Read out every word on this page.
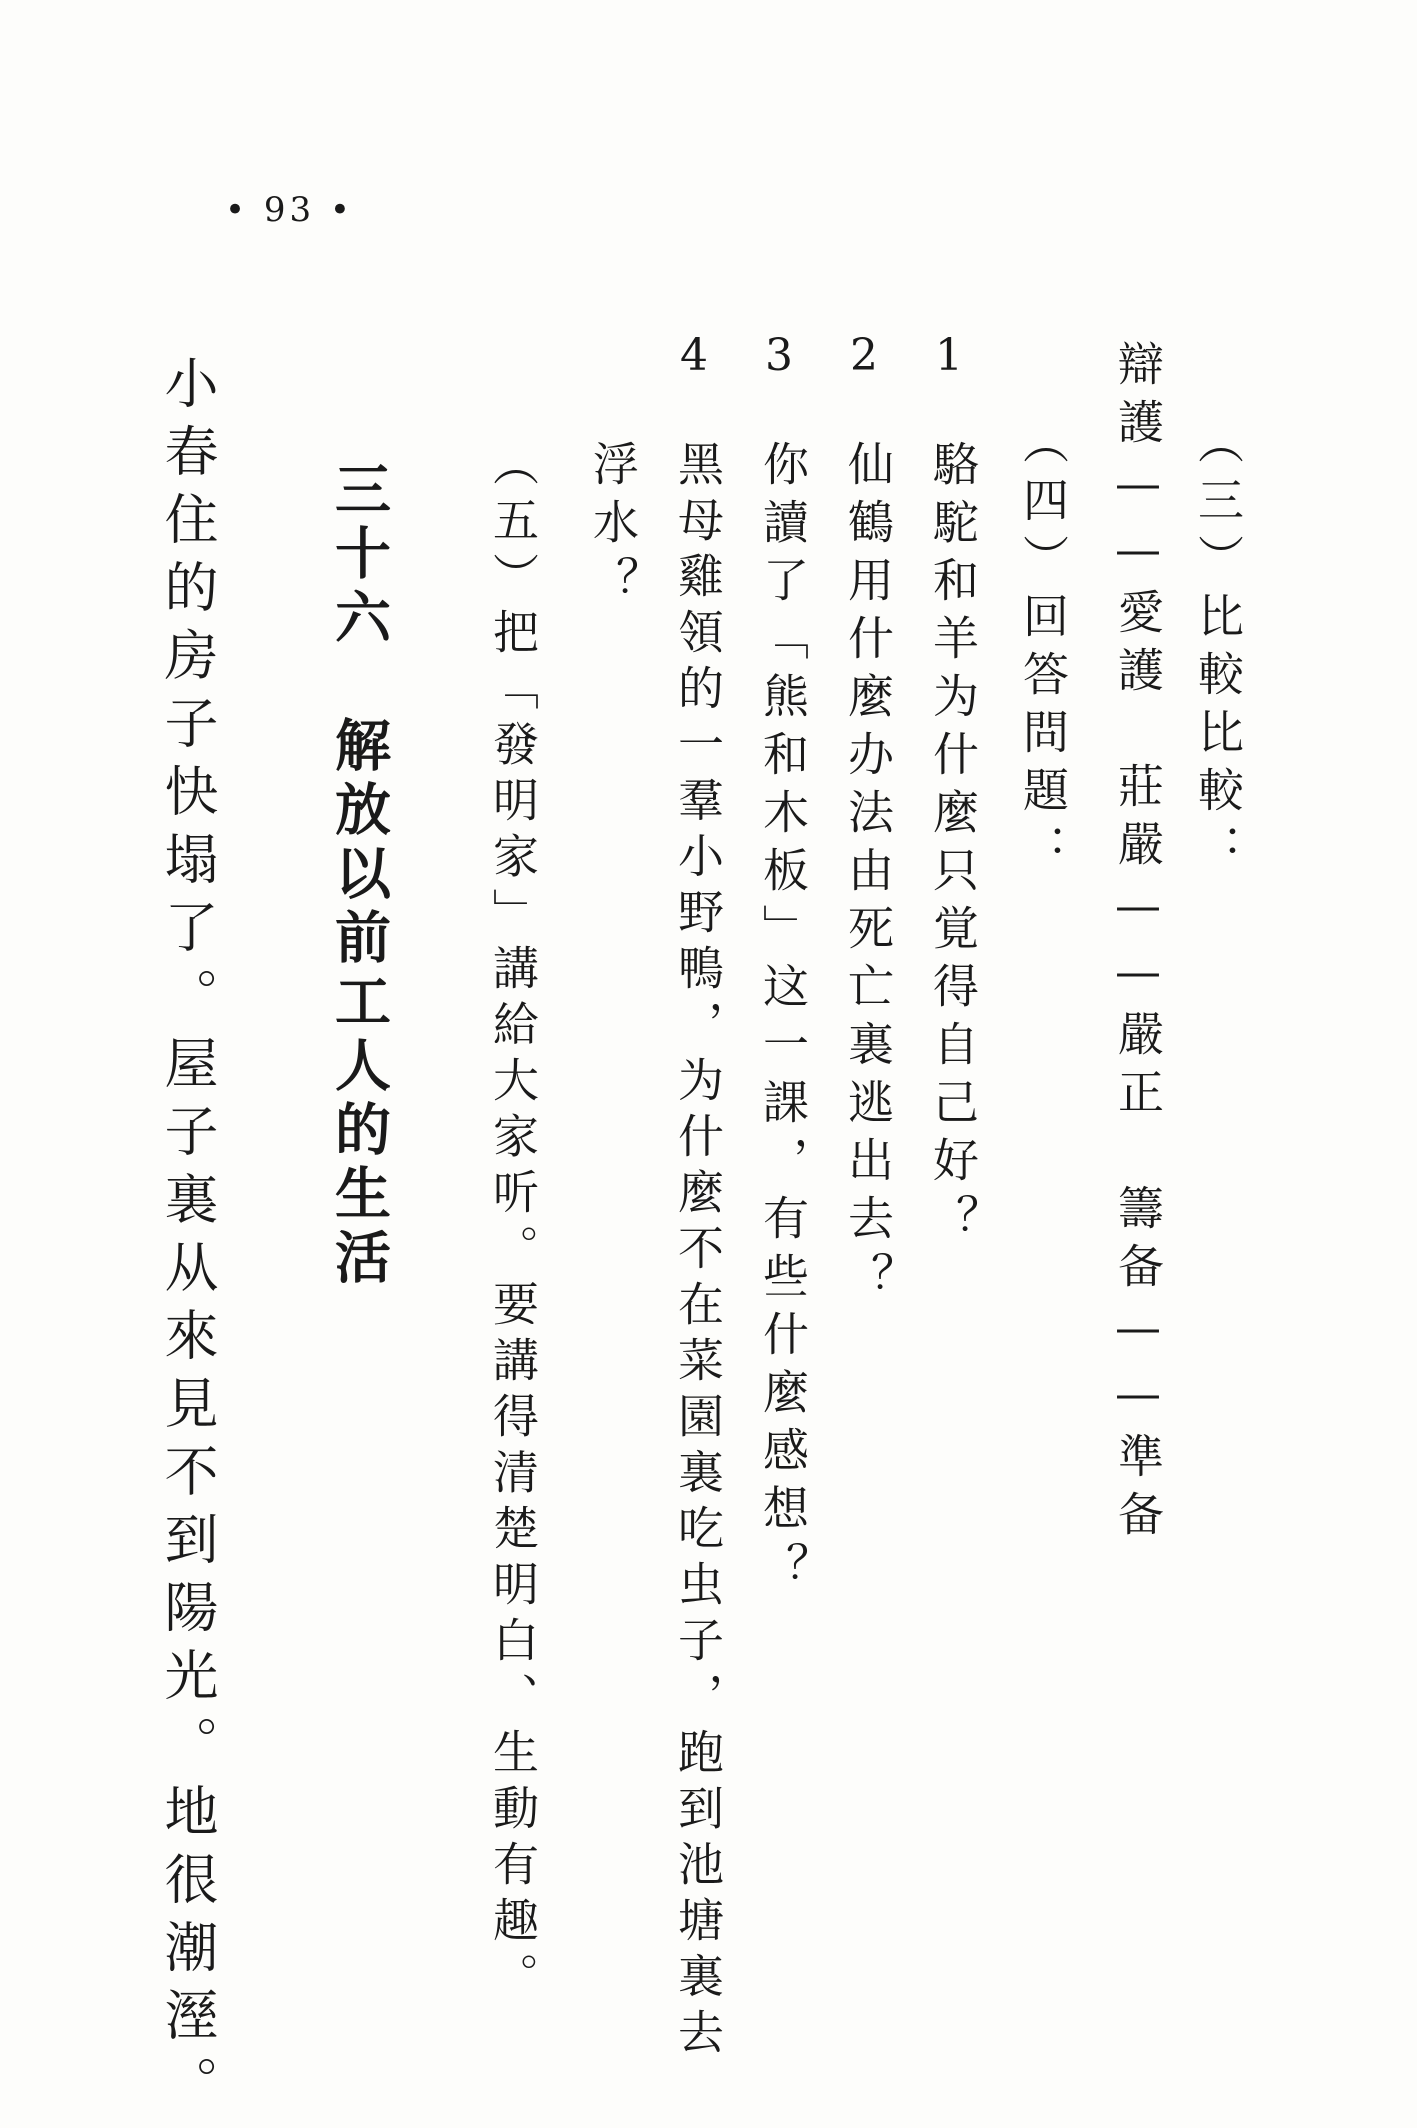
• 93 •
（三）比較比較：
辯護——愛護　莊嚴——嚴正　籌备——準备
（四）回答問題：
1
2
3
4
駱駝和羊为什麼只覚得自己好？
仙鶴用什麼办法由死亡裏逃出去？
你讀了「熊和木板」这一課，有些什麼感想？
黑母雞領的一羣小野鴨，为什麼不在菜園裏吃虫子，跑到池塘裏去
浮水？
（五）把「發明家」講給大家听。要講得清楚明白、生動有趣。
三十六　解放以前工人的生活
小春住的房子快塌了。屋子裏从來見不到陽光。地很潮溼。
